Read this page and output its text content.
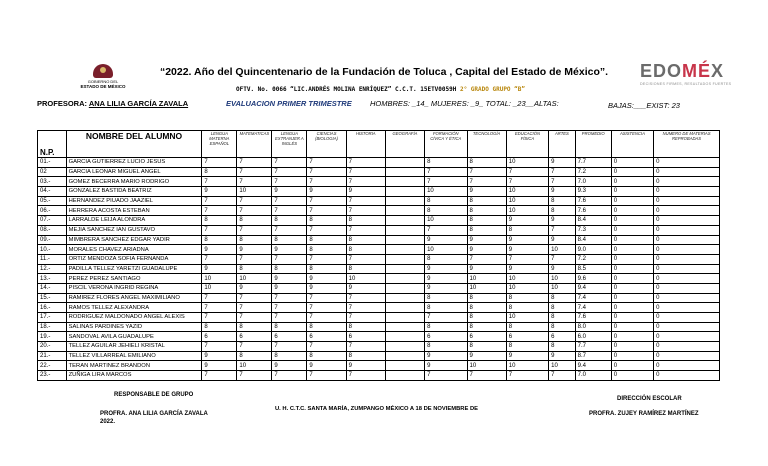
GOBIERNO DEL
ESTADO DE MÉXICO
EDOMÉX
DECISIONES FIRMES, RESULTADOS FUERTES
“2022. Año del Quincentenario de la Fundación de Toluca , Capital del Estado de México”.
OFTV. No. 0066 “LIC.ANDRÉS MOLINA ENRÍQUEZ” C.C.T. 15ETV0059H 2° GRADO GRUPO “B”
PROFESORA: ANA LILIA GARCÍA ZAVALA	EVALUACION PRIMER TRIMESTRE HOMBRES: _14_ MUJERES: _9_ TOTAL: _23__ALTAS:	BAJAS:___EXIST: 23
N.P.	NOMBRE DEL ALUMNO	LENGUA MATERNA ESPAÑOL	MATEMATICAS	LENGUA EXTRANJER A INGLÉS	CIENCIAS (BIOLOGIA)	HISTORIA	GEOGRAFÍA	FORMACIÓN CÍVICA Y ÉTICA	TECNOLOGÍA	EDUCACIÓN FÍSICA	ARTES	PROMEDIO	ASISTENCIA	NUMERO DE MATERIAS REPROBADAS
01.-	GARCIA GUTIERREZ LUCIO JESUS	7	7	7	7	7		8	8	10	9	7.7	0	0
02	GARCIA LEONAR MIGUEL ANGEL	8	7	7	7	7		7	7	7	7	7.2	0	0
03.-	GOMEZ BECERRA MARIO RODRIGO	7	7	7	7	7		7	7	7	7	7.0	0	0
04.-	GONZALEZ BASTIDA BEATRIZ	9	10	9	9	9		10	9	10	9	9.3	0	0
05.-	HERNANDEZ PIUADO JAAZIEL	7	7	7	7	7		8	8	10	8	7.6	0	0
06.-	HERRERA ACOSTA ESTEBAN	7	7	7	7	7		8	8	10	8	7.6	0	0
07.-	LARRALDE LEIJA ALONDRA	8	8	8	8	8		10	8	9	9	8.4	0	0
08.-	MEJIA SANCHEZ IAN GUSTAVO	7	7	7	7	7		7	8	8	7	7.3	0	0
09.-	MIMBRERA SANCHEZ EDGAR YADIR	8	8	8	8	8		9	9	9	9	8.4	0	0
10.-	MORALES CHAVEZ ARIADNA	9	9	9	8	8		10	9	9	10	9.0	0	0
11.-	ORTIZ MENDOZA SOFIA FERNANDA	7	7	7	7	7		8	7	7	7	7.2	0	0
12.-	PADILLA TELLEZ YARETZI GUADALUPE	9	8	8	8	8		9	9	9	9	8.5	0	0
13.-	PEREZ PEREZ SANTIAGO	10	10	9	9	10		9	10	10	10	9.6	0	0
14.-	PISCIL VERONA INGRID REGINA	10	9	9	9	9		9	10	10	10	9.4	0	0
15.-	RAMIREZ FLORES ANGEL MAXIMILIANO	7	7	7	7	7		8	8	8	8	7.4	0	0
16.-	RAMOS TELLEZ ALEXANDRA	7	7	7	7	7		8	8	8	8	7.4	0	0
17.-	RODRIGUEZ MALDONADO ANGEL ALEXIS	7	7	7	7	7		7	8	10	8	7.6	0	0
18.-	SALINAS PARDINES YAZID	8	8	8	8	8		8	8	8	8	8.0	0	0
19.-	SANDOVAL AVILA GUADALUPE	6	6	6	6	6		6	6	6	6	6.0	0	0
20.-	TELLEZ AGUILAR JEHIELI KRISTAL	7	7	7	7	7		8	8	8	8	7.7	0	0
21.-	TELLEZ VILLARREAL EMILIANO	9	8	8	8	8		9	9	9	9	8.7	0	0
22.-	TERAN MARTINEZ BRANDON	9	10	9	9	9		9	10	10	10	9.4	0	0
23.-	ZUÑIGA LIRA MARCOS	7	7	7	7	7		7	7	7	7	7.0	0	0
RESPONSABLE DE GRUPO
DIRECCIÓN ESCOLAR
PROFRA. ANA LILIA GARCÍA ZAVALA
2022.
U. H. C.T.C. SANTA MARÍA, ZUMPANGO MÉXICO A 18 DE NOVIEMBRE DE
PROFRA. ZUJEY RAMÍREZ MARTÍNEZ
